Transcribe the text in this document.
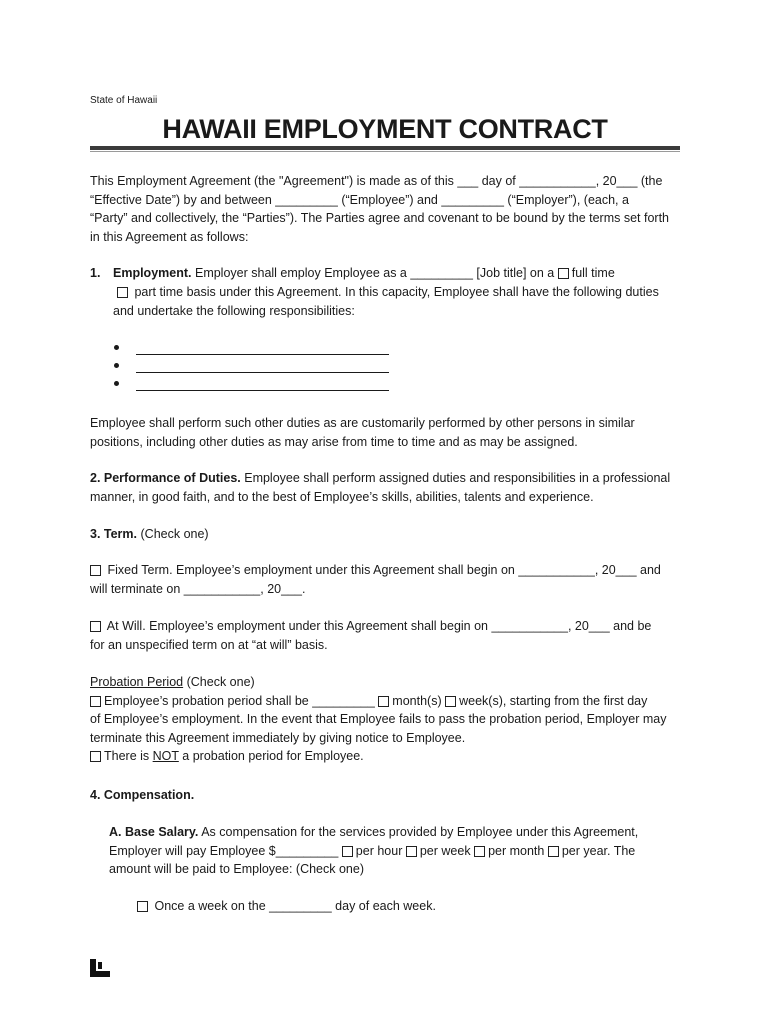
State of Hawaii
HAWAII EMPLOYMENT CONTRACT
This Employment Agreement (the "Agreement") is made as of this ___ day of ___________, 20___ (the
“Effective Date”) by and between _________ (“Employee”) and _________ (“Employer”), (each, a
“Party” and collectively, the “Parties”). The Parties agree and covenant to be bound by the terms set forth
in this Agreement as follows:
1. Employment. Employer shall employ Employee as a _________ [Job title] on a full time
part time basis under this Agreement. In this capacity, Employee shall have the following duties
and undertake the following responsibilities:
Employee shall perform such other duties as are customarily performed by other persons in similar
positions, including other duties as may arise from time to time and as may be assigned.
2. Performance of Duties. Employee shall perform assigned duties and responsibilities in a professional
manner, in good faith, and to the best of Employee’s skills, abilities, talents and experience.
3. Term. (Check one)
Fixed Term. Employee’s employment under this Agreement shall begin on ___________, 20___ and
will terminate on ___________, 20___.
At Will. Employee’s employment under this Agreement shall begin on ___________, 20___ and be
for an unspecified term on at “at will” basis.
Probation Period (Check one)
Employee’s probation period shall be _________ month(s) week(s), starting from the first day
of Employee’s employment. In the event that Employee fails to pass the probation period, Employer may
terminate this Agreement immediately by giving notice to Employee.
There is NOT a probation period for Employee.
4. Compensation.
A. Base Salary. As compensation for the services provided by Employee under this Agreement,
Employer will pay Employee $_________ per hour per week per month per year. The
amount will be paid to Employee: (Check one)
Once a week on the _________ day of each week.
